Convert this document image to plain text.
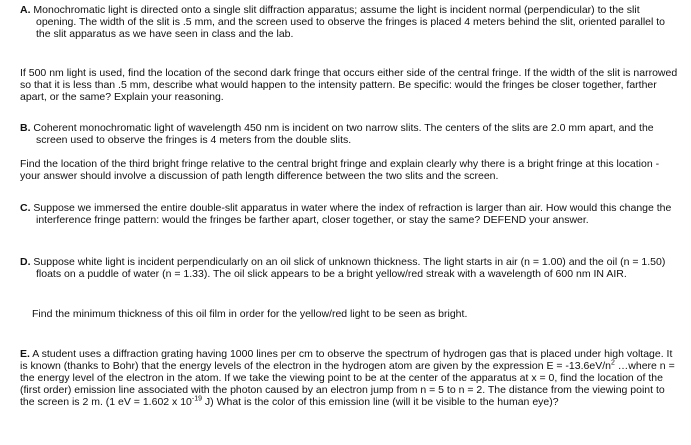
A. Monochromatic light is directed onto a single slit diffraction apparatus; assume the light is incident normal (perpendicular) to the slit opening. The width of the slit is .5 mm, and the screen used to observe the fringes is placed 4 meters behind the slit, oriented parallel to the slit apparatus as we have seen in class and the lab.

If 500 nm light is used, find the location of the second dark fringe that occurs either side of the central fringe. If the width of the slit is narrowed so that it is less than .5 mm, describe what would happen to the intensity pattern. Be specific: would the fringes be closer together, farther apart, or the same? Explain your reasoning.

B. Coherent monochromatic light of wavelength 450 nm is incident on two narrow slits. The centers of the slits are 2.0 mm apart, and the screen used to observe the fringes is 4 meters from the double slits.

Find the location of the third bright fringe relative to the central bright fringe and explain clearly why there is a bright fringe at this location - your answer should involve a discussion of path length difference between the two slits and the screen.

C. Suppose we immersed the entire double-slit apparatus in water where the index of refraction is larger than air. How would this change the interference fringe pattern: would the fringes be farther apart, closer together, or stay the same? DEFEND your answer.

D. Suppose white light is incident perpendicularly on an oil slick of unknown thickness. The light starts in air (n = 1.00) and the oil (n = 1.50) floats on a puddle of water (n = 1.33). The oil slick appears to be a bright yellow/red streak with a wavelength of 600 nm IN AIR.

Find the minimum thickness of this oil film in order for the yellow/red light to be seen as bright.

E. A student uses a diffraction grating having 1000 lines per cm to observe the spectrum of hydrogen gas that is placed under high voltage. It is known (thanks to Bohr) that the energy levels of the electron in the hydrogen atom are given by the expression $E = -13.6eV/n^2$ …where n = the energy level of the electron in the atom. If we take the viewing point to be at the center of the apparatus at x = 0, find the location of the (first order) emission line associated with the photon caused by an electron jump from n = 5 to n = 2. The distance from the viewing point to the screen is 2 m. (1 eV = 1.602 x $10^{-19}$ J) What is the color of this emission line (will it be visible to the human eye)?
